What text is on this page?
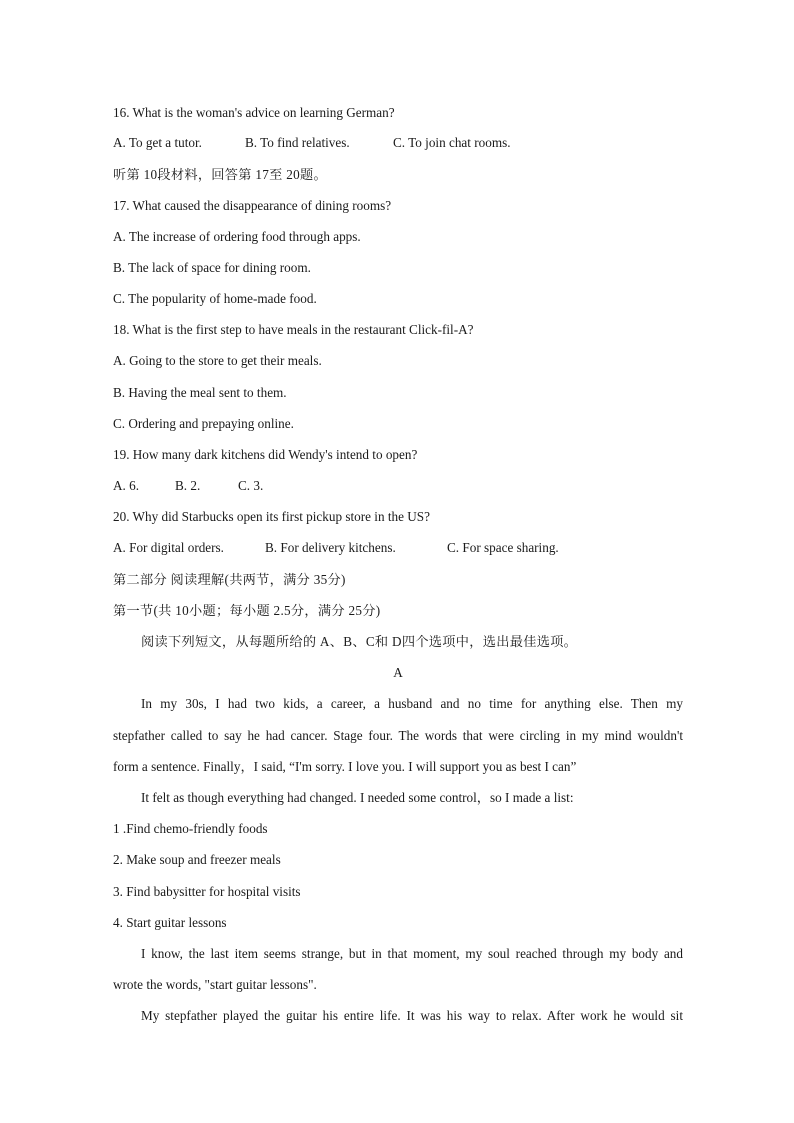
16. What is the woman's advice on learning German?
A. To get a tutor.	B. To find relatives.	C. To join chat rooms.
听第 10段材料，回答第 17至 20题。
17. What caused the disappearance of dining rooms?
A. The increase of ordering food through apps.
B. The lack of space for dining room.
C. The popularity of home-made food.
18. What is the first step to have meals in the restaurant Click-fil-A?
A. Going to the store to get their meals.
B. Having the meal sent to them.
C. Ordering and prepaying online.
19. How many dark kitchens did Wendy's intend to open?
A. 6.	B. 2.	C. 3.
20. Why did Starbucks open its first pickup store in the US?
A. For digital orders.	B. For delivery kitchens.	C. For space sharing.
第二部分 阅读理解(共两节，满分 35分)
第一节(共 10小题；每小题 2.5分，满分 25分)
阅读下列短文，从每题所给的 A、B、C和 D四个选项中，选出最佳选项。
A
In my 30s, I had two kids, a career, a husband and no time for anything else. Then my
stepfather called to say he had cancer. Stage four. The words that were circling in my mind wouldn't
form a sentence. Finally，I said, “I'm sorry. I love you. I will support you as best I can”
It felt as though everything had changed. I needed some control，so I made a list:
1 .Find chemo-friendly foods
2. Make soup and freezer meals
3. Find babysitter for hospital visits
4. Start guitar lessons
I know, the last item seems strange, but in that moment, my soul reached through my body and
wrote the words, "start guitar lessons".
My stepfather played the guitar his entire life. It was his way to relax. After work he would sit
